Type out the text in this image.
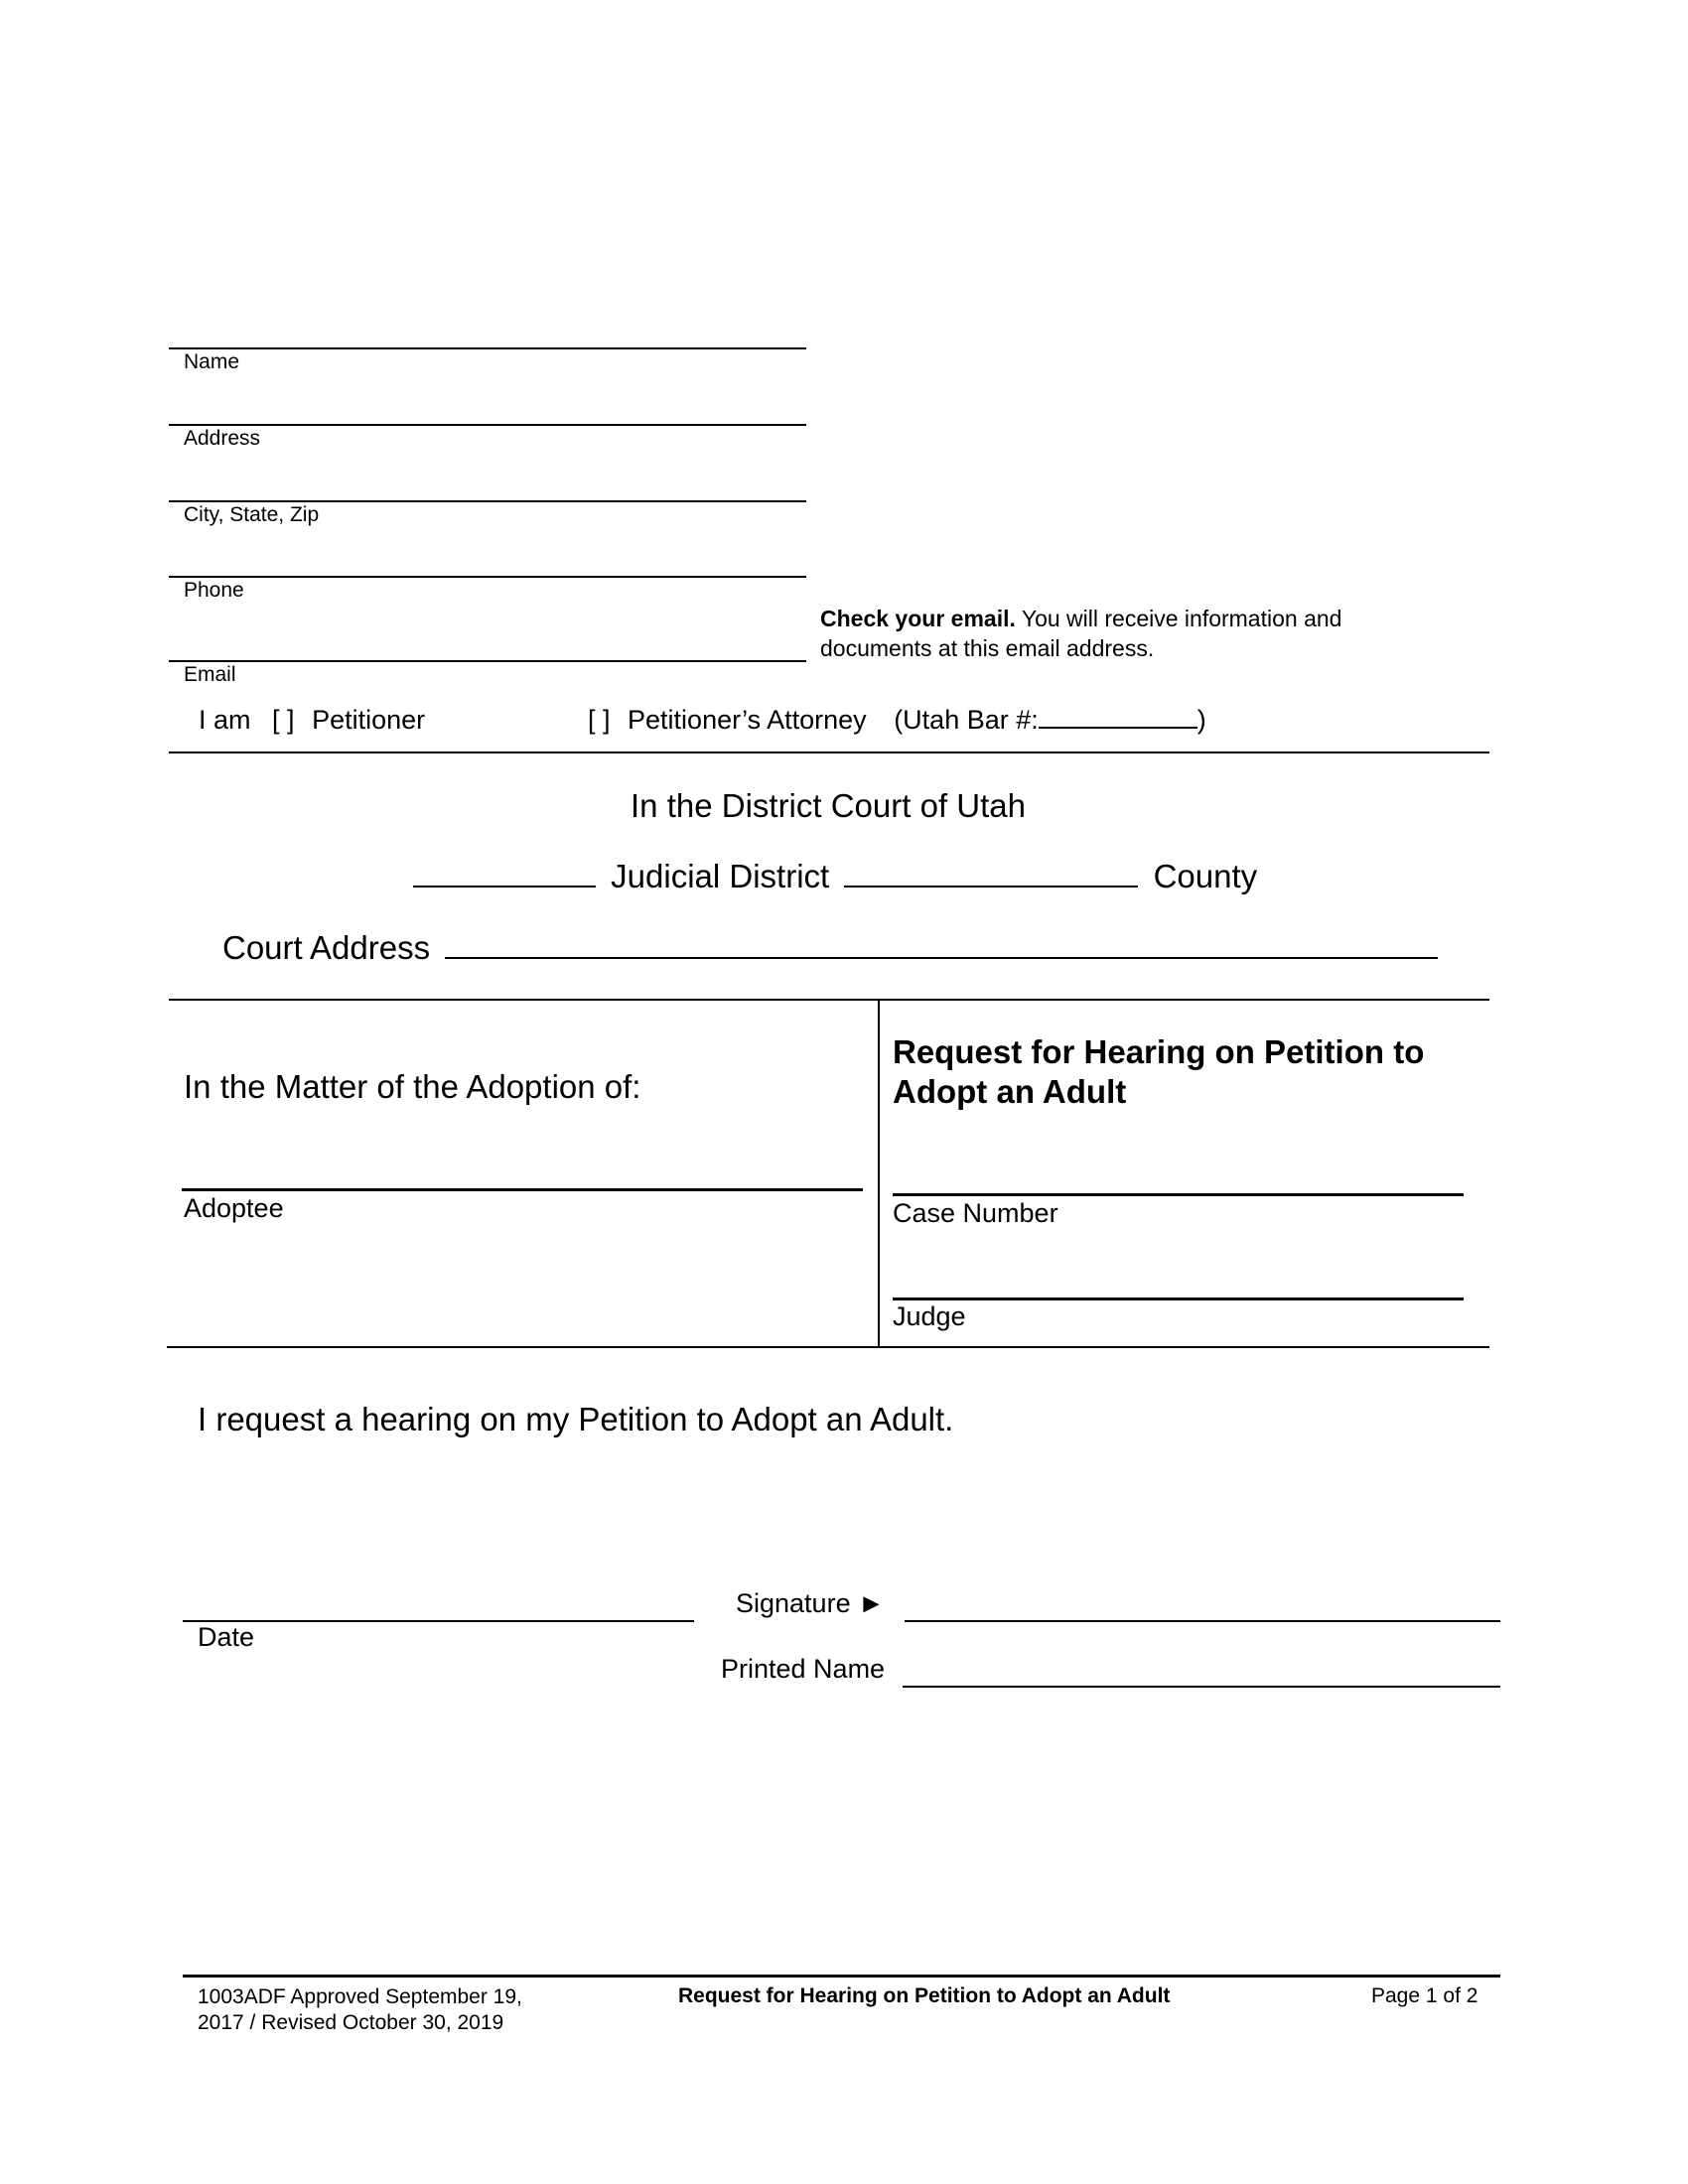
Name
Address
City, State, Zip
Phone
Check your email. You will receive information and
documents at this email address.
Email
I am [ ] Petitioner	[ ] Petitioner’s Attorney (Utah Bar #:	)
In the District Court of Utah
Judicial District	County
Court Address
In the Matter of the Adoption of:
Adoptee
Request for Hearing on Petition to
Adopt an Adult
Case Number
Judge
I request a hearing on my Petition to Adopt an Adult.
Date
Signature ►
Printed Name
1003ADF Approved September 19,
2017 / Revised October 30, 2019
Request for Hearing on Petition to Adopt an Adult	Page 1 of 2
